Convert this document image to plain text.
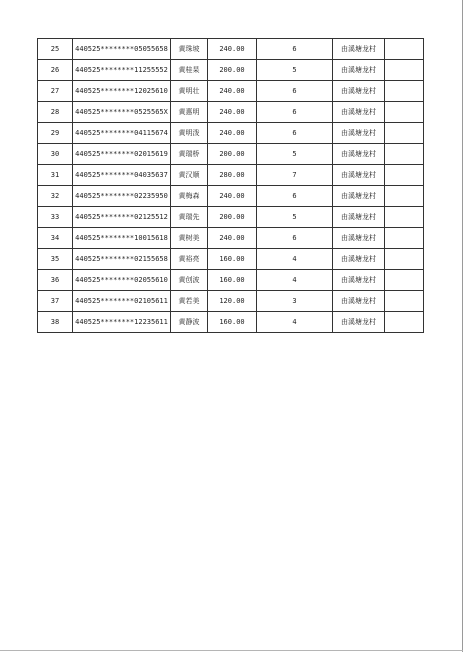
25	440525********05055658	黄珠坡	240.00	6	由溪塘龙村	
26	440525********11255552	黄桂杲	200.00	5	由溪塘龙村	
27	440525********12025610	黄明壮	240.00	6	由溪塘龙村	
28	440525********0525565X	黄惠明	240.00	6	由溪塘龙村	
29	440525********04115674	黄明泼	240.00	6	由溪塘龙村	
30	440525********02015619	黄瑞桥	200.00	5	由溪塘龙村	
31	440525********04035637	黄汉顺	280.00	7	由溪塘龙村	
32	440525********02235950	黄梅森	240.00	6	由溪塘龙村	
33	440525********02125512	黄瑞先	200.00	5	由溪塘龙村	
34	440525********10015618	黄树美	240.00	6	由溪塘龙村	
35	440525********02155658	黄裕亮	160.00	4	由溪塘龙村	
36	440525********02055610	黄创波	160.00	4	由溪塘龙村	
37	440525********02105611	黄若美	120.00	3	由溪塘龙村	
38	440525********12235611	黄静波	160.00	4	由溪塘龙村	
